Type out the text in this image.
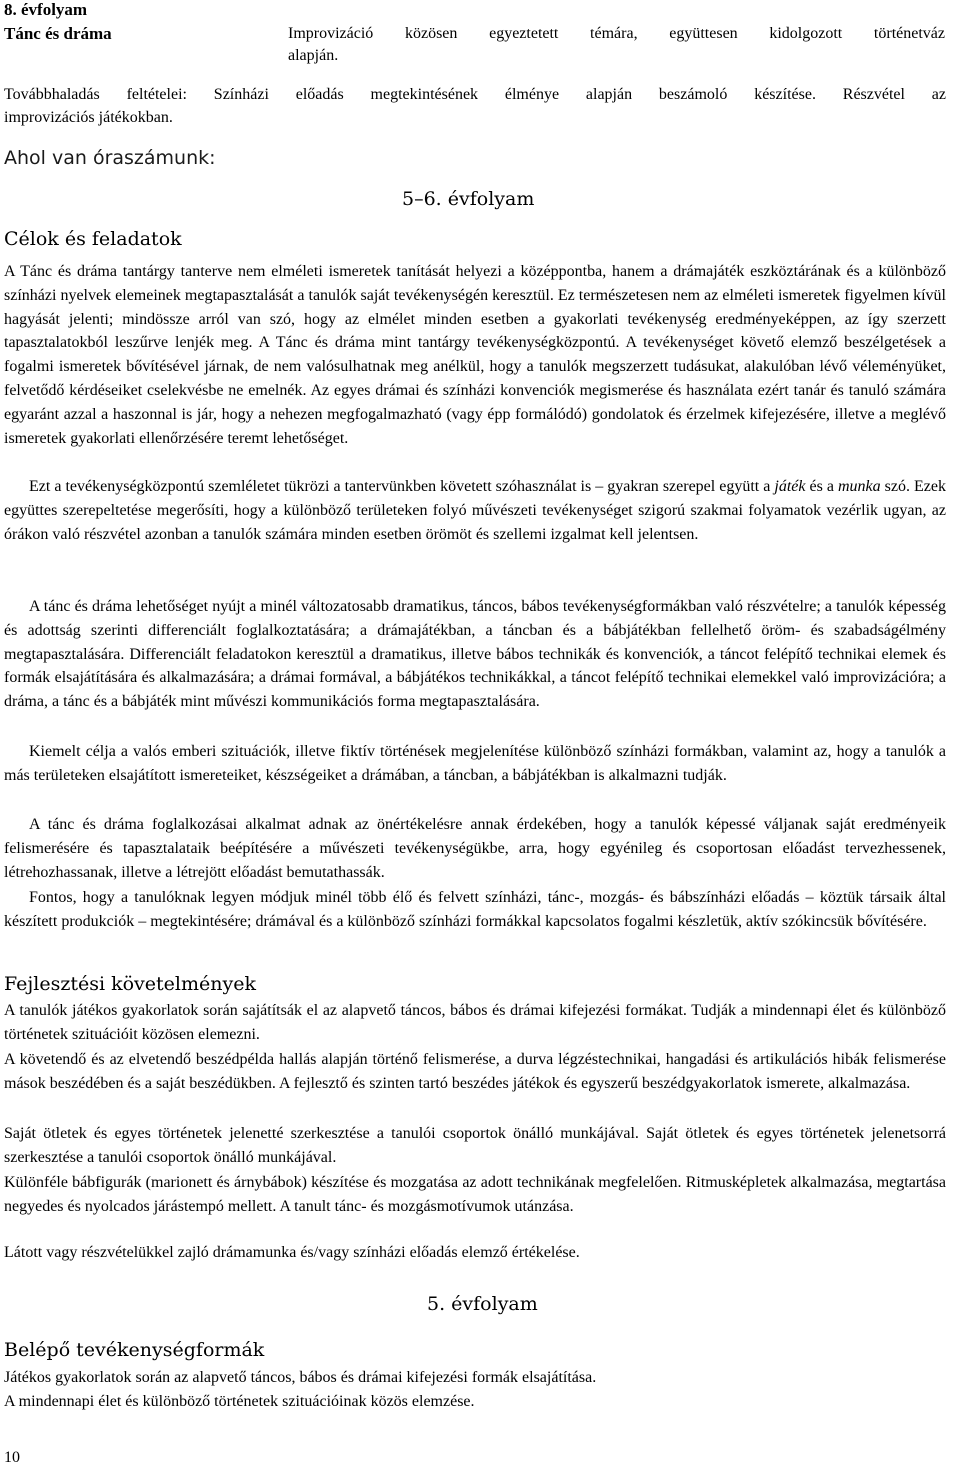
8. évfolyam
Tánc és dráma	Improvizáció közösen egyeztetett témára, együttesen kidolgozott történetváz
alapján.
Továbbhaladás feltételei: Színházi előadás megtekintésének élménye alapján beszámoló készítése. Részvétel az
improvizációs játékokban.
Ahol van óraszámunk:
5–6. évfolyam
Célok és feladatok
A Tánc és dráma tantárgy tanterve nem elméleti ismeretek tanítását helyezi a középpontba, hanem a drámajáték eszköztárának és a különböző színházi nyelvek elemeinek megtapasztalását a tanulók saját tevékenységén keresztül. Ez természetesen nem az elméleti ismeretek figyelmen kívül hagyását jelenti; mindössze arról van szó, hogy az elmélet minden esetben a gyakorlati tevékenység eredményeképpen, az így szerzett tapasztalatokból leszűrve lenjék meg. A Tánc és dráma mint tantárgy tevékenységközpontú. A tevékenységet követő elemző beszélgetések a fogalmi ismeretek bővítésével járnak, de nem valósulhatnak meg anélkül, hogy a tanulók megszerzett tudásukat, alakulóban lévő véleményüket, felvetődő kérdéseiket cselekvésbe ne emelnék. Az egyes drámai és színházi konvenciók megismerése és használata ezért tanár és tanuló számára egyaránt azzal a haszonnal is jár, hogy a nehezen megfogalmazható (vagy épp formálódó) gondolatok és érzelmek kifejezésére, illetve a meglévő ismeretek gyakorlati ellenőrzésére teremt lehetőséget.
Ezt a tevékenységközpontú szemléletet tükrözi a tantervünkben követett szóhasználat is – gyakran szerepel együtt a játék és a munka szó. Ezek együttes szerepeltetése megerősíti, hogy a különböző területeken folyó művészeti tevékenységet szigorú szakmai folyamatok vezérlik ugyan, az órákon való részvétel azonban a tanulók számára minden esetben örömöt és szellemi izgalmat kell jelentsen.
A tánc és dráma lehetőséget nyújt a minél változatosabb dramatikus, táncos, bábos tevékenységformákban való részvételre; a tanulók képesség és adottság szerinti differenciált foglalkoztatására; a drámajátékban, a táncban és a bábjátékban fellelhető öröm- és szabadságélmény megtapasztalására. Differenciált feladatokon keresztül a dramatikus, illetve bábos technikák és konvenciók, a táncot felépítő technikai elemek és formák elsajátítására és alkalmazására; a drámai formával, a bábjátékos technikákkal, a táncot felépítő technikai elemekkel való improvizációra; a dráma, a tánc és a bábjáték mint művészi kommunikációs forma megtapasztalására.
Kiemelt célja a valós emberi szituációk, illetve fiktív történések megjelenítése különböző színházi formákban, valamint az, hogy a tanulók a más területeken elsajátított ismereteiket, készségeiket a drámában, a táncban, a bábjátékban is alkalmazni tudják.
A tánc és dráma foglalkozásai alkalmat adnak az önértékelésre annak érdekében, hogy a tanulók képessé váljanak saját eredményeik felismerésére és tapasztalataik beépítésére a művészeti tevékenységükbe, arra, hogy egyénileg és csoportosan előadást tervezhessenek, létrehozhassanak, illetve a létrejött előadást bemutathassák.
Fontos, hogy a tanulóknak legyen módjuk minél több élő és felvett színházi, tánc-, mozgás- és bábszínházi előadás – köztük társaik által készített produkciók – megtekintésére; drámával és a különböző színházi formákkal kapcsolatos fogalmi készletük, aktív szókincsük bővítésére.
Fejlesztési követelmények
A tanulók játékos gyakorlatok során sajátítsák el az alapvető táncos, bábos és drámai kifejezési formákat. Tudják a mindennapi élet és különböző történetek szituációit közösen elemezni.
A követendő és az elvetendő beszédpélda hallás alapján történő felismerése, a durva légzéstechnikai, hangadási és artikulációs hibák felismerése mások beszédében és a saját beszédükben. A fejlesztő és szinten tartó beszédes játékok és egyszerű beszédgyakorlatok ismerete, alkalmazása.
Saját ötletek és egyes történetek jelenetté szerkesztése a tanulói csoportok önálló munkájával. Saját ötletek és egyes történetek jelenetsorrá szerkesztése a tanulói csoportok önálló munkájával.
Különféle bábfigurák (marionett és árnybábok) készítése és mozgatása az adott technikának megfelelően. Ritmusképletek alkalmazása, megtartása negyedes és nyolcados járástempó mellett. A tanult tánc- és mozgásmotívumok utánzása.
Látott vagy részvételükkel zajló drámamunka és/vagy színházi előadás elemző értékelése.
5. évfolyam
Belépő tevékenységformák
Játékos gyakorlatok során az alapvető táncos, bábos és drámai kifejezési formák elsajátítása.
A mindennapi élet és különböző történetek szituációinak közös elemzése.
10
